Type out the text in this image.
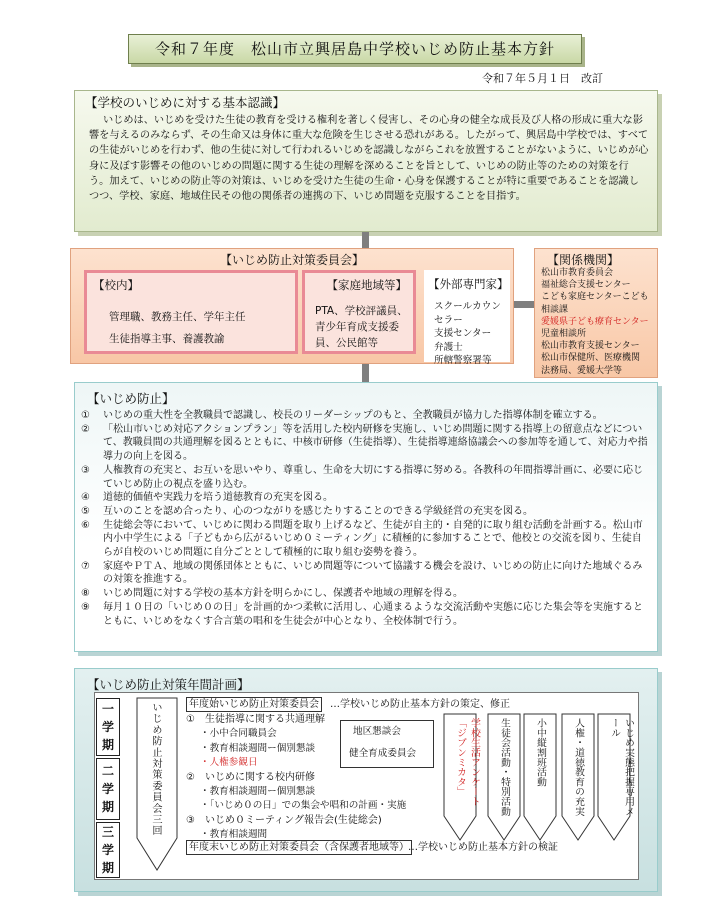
令和７年度　松山市立興居島中学校いじめ防止基本方針
令和７年５月１日　改訂
【学校のいじめに対する基本認識】
いじめは、いじめを受けた生徒の教育を受ける権利を著しく侵害し、その心身の健全な成長及び人格の形成に重大な影響を与えるのみならず、その生命又は身体に重大な危険を生じさせる恐れがある。したがって、興居島中学校では、すべての生徒がいじめを行わず、他の生徒に対して行われるいじめを認識しながらこれを放置することがないように、いじめが心身に及ぼす影響その他のいじめの問題に関する生徒の理解を深めることを旨として、いじめの防止等のための対策を行う。加えて、いじめの防止等の対策は、いじめを受けた生徒の生命・心身を保護することが特に重要であることを認識しつつ、学校、家庭、地域住民その他の関係者の連携の下、いじめ問題を克服することを目指す。
【いじめ防止対策委員会】
【校内】
管理職、教務主任、学年主任
生徒指導主事、養護教諭
【家庭地域等】
PTA、学校評議員、青少年育成支援委員、公民館等
【外部専門家】
スクールカウン
セラー
支援センター
弁護士
所轄警察署等
【関係機関】
松山市教育委員会
福祉総合支援センター
こども家庭センターこども
相談課
愛媛県子ども療育センター
児童相談所
松山市教育支援センター
松山市保健所、医療機関
法務局、愛媛大学等
【いじめ防止】
①	いじめの重大性を全教職員で認識し、校長のリーダーシップのもと、全教職員が協力した指導体制を確立する。
②	「松山市いじめ対応アクションプラン」等を活用した校内研修を実施し、いじめ問題に関する指導上の留意点などについて、教職員間の共通理解を図るとともに、中核市研修（生徒指導）、生徒指導連絡協議会への参加等を通して、対応力や指導力の向上を図る。
③	人権教育の充実と、お互いを思いやり、尊重し、生命を大切にする指導に努める。各教科の年間指導計画に、必要に応じていじめ防止の視点を盛り込む。
④	道徳的価値や実践力を培う道徳教育の充実を図る。
⑤	互いのことを認め合ったり、心のつながりを感じたりすることのできる学級経営の充実を図る。
⑥	生徒総会等において、いじめに関わる問題を取り上げるなど、生徒が自主的・自発的に取り組む活動を計画する。松山市内小中学生による「子どもから広がるいじめ０ミーティング」に積極的に参加することで、他校との交流を図り、生徒自らが自校のいじめ問題に自分ごととして積極的に取り組む姿勢を養う。
⑦	家庭やＰＴＡ、地域の関係団体とともに、いじめ問題等について協議する機会を設け、いじめの防止に向けた地域ぐるみの対策を推進する。
⑧	いじめ問題に対する学校の基本方針を明らかにし、保護者や地域の理解を得る。
⑨	毎月１０日の「いじめ０の日」を計画的かつ柔軟に活用し、心通まるような交流活動や実態に応じた集会等を実施するとともに、いじめをなくす合言葉の唱和を生徒会が中心となり、全校体制で行う。
【いじめ防止対策年間計画】
一
学
期
二
学
期
三
学
期
いじめ防止対策委員会三回	年度始いじめ防止対策委員会	…学校いじめ防止基本方針の策定、修正
年度末いじめ防止対策委員会（含保護者地域等） …学校いじめ防止基本方針の検証
①　生徒指導に関する共通理解
・小中合同職員会
・教育相談週間ー個別懇談
・人権参観日
②　いじめに関する校内研修
・教育相談週間ー個別懇談
・「いじめ０の日」での集会や唱和の計画・実施
③　いじめ０ミーティング報告会(生徒総会)
・教育相談週間
地区懇談会
健全育成委員会	学校生活アンケート「ジブンミカタ」	生徒会活動・特別活動	小中縦割班活動	人権・道徳教育の充実	いじめ実態把握専用メール
